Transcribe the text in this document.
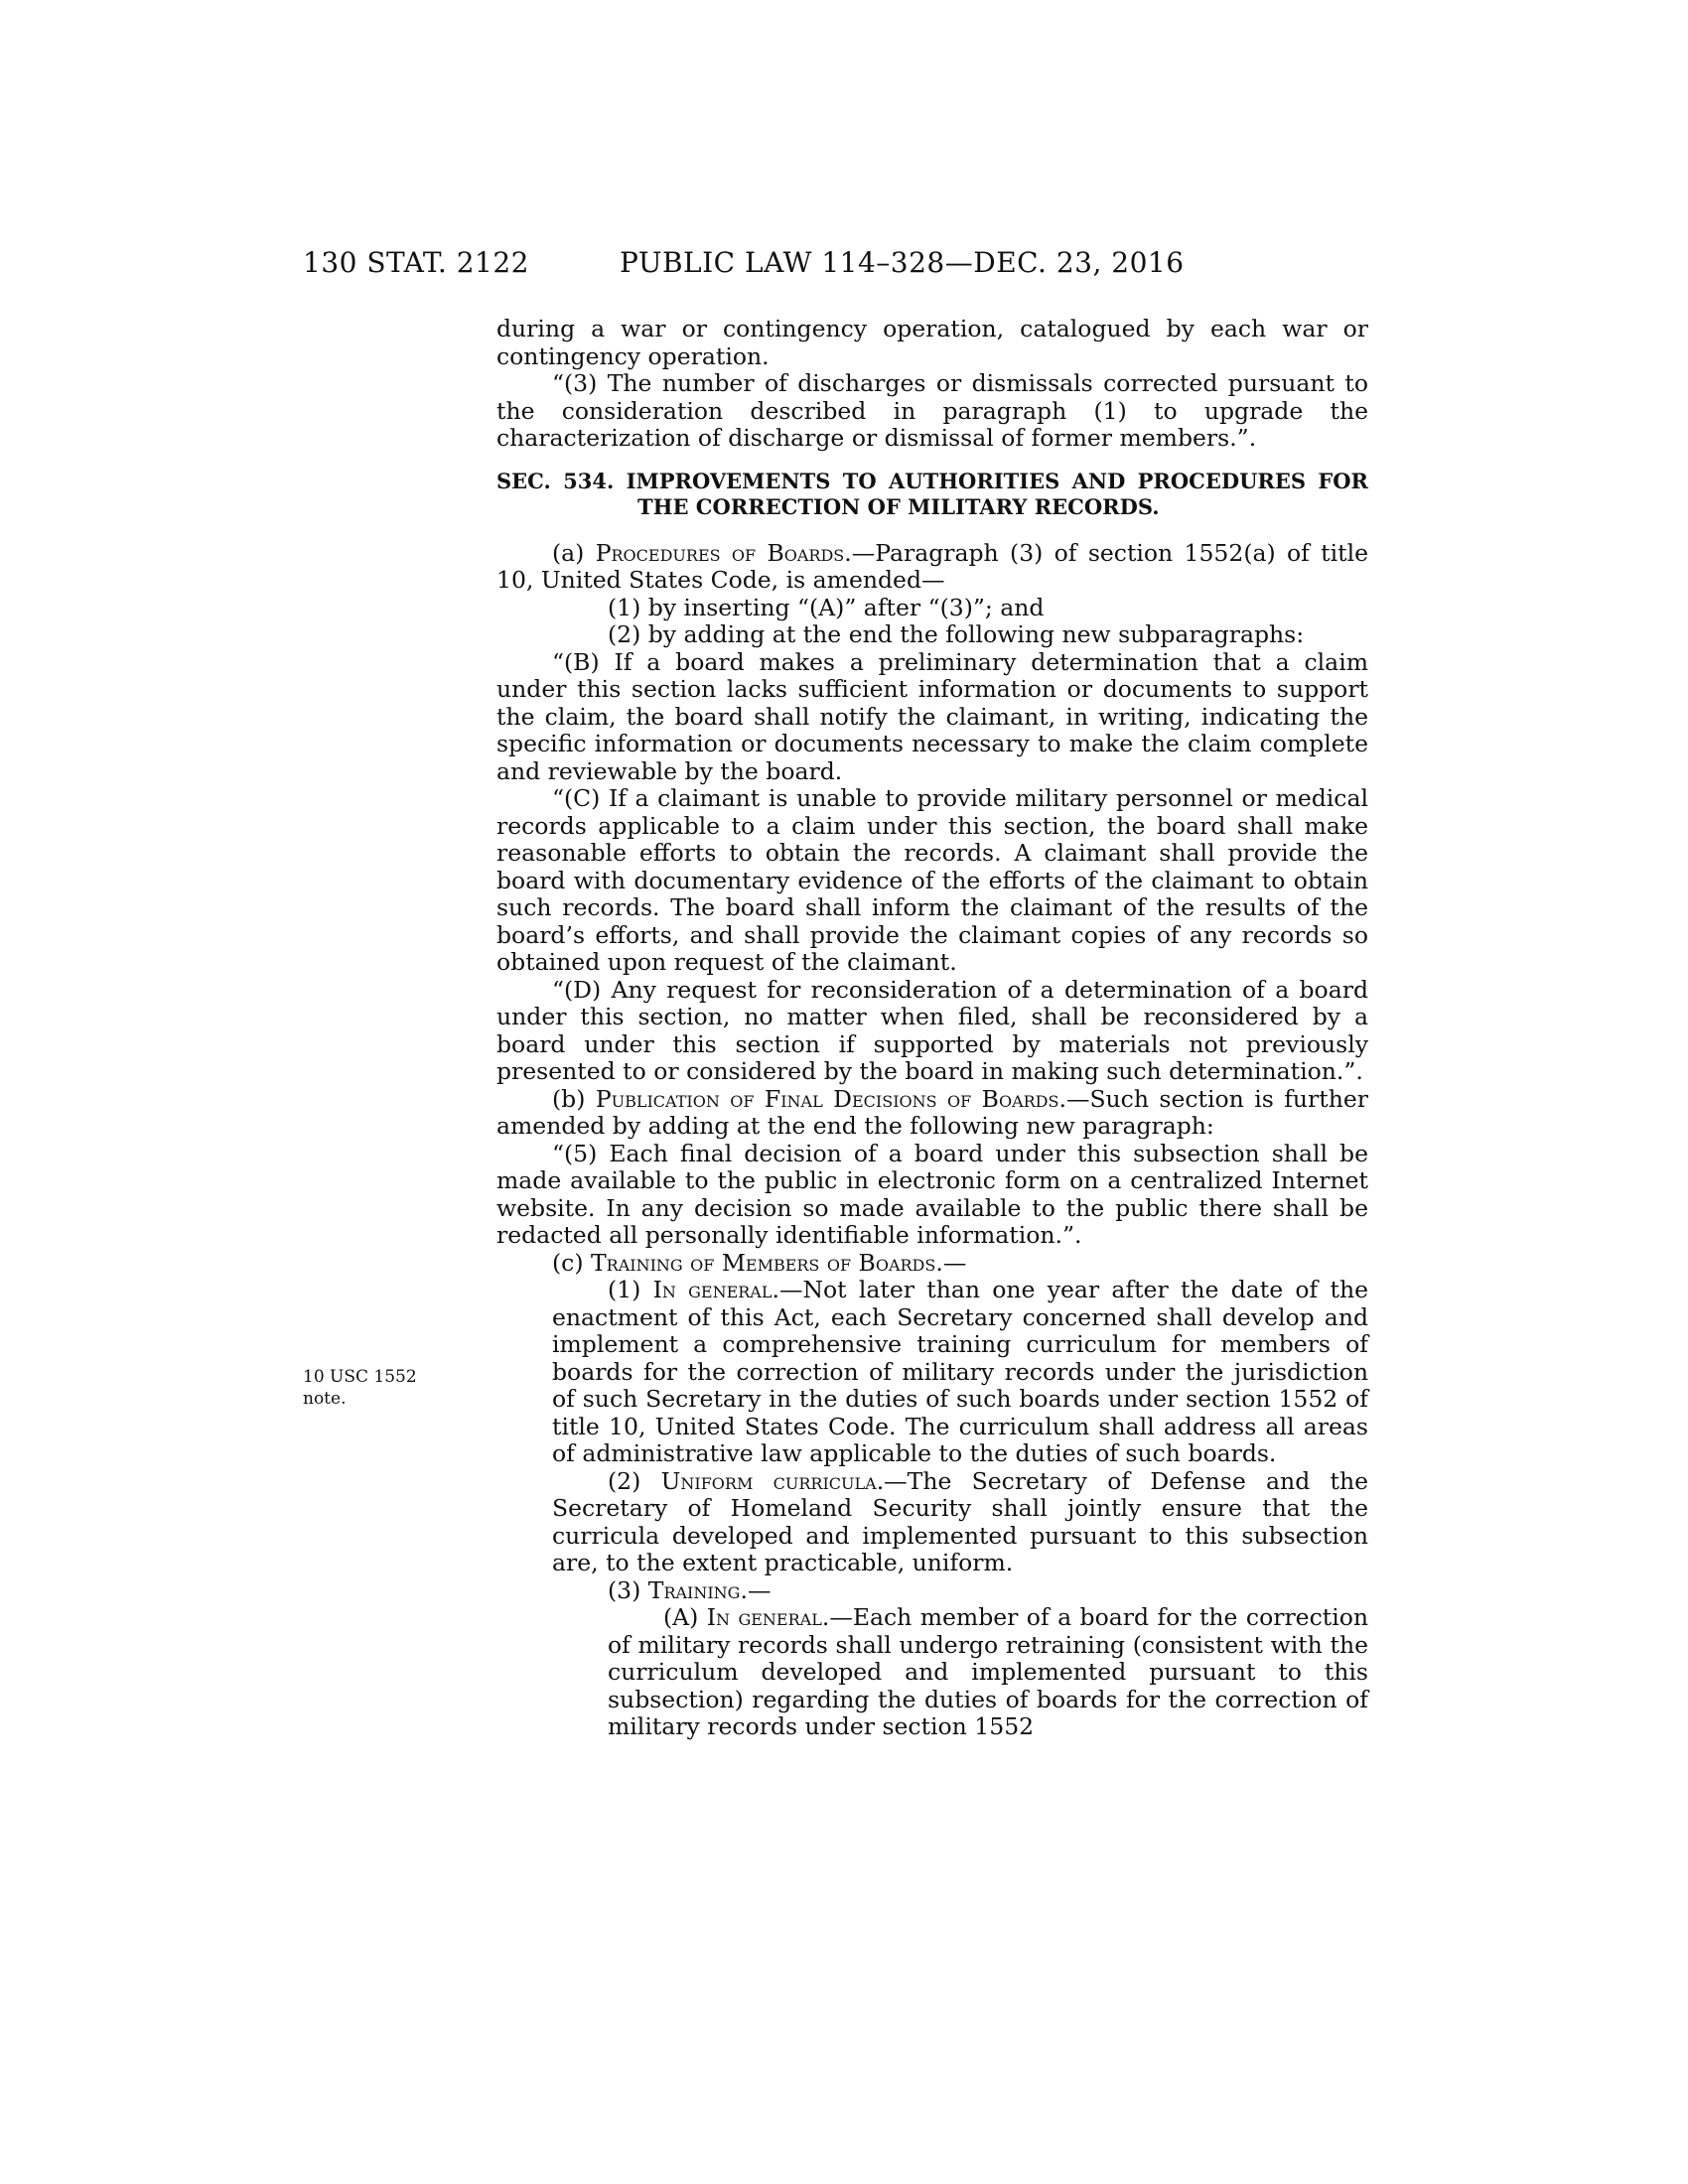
130 STAT. 2122	PUBLIC LAW 114–328—DEC. 23, 2016
10 USC 1552
note.

during a war or contingency operation, catalogued by each war or contingency operation.

“(3) The number of discharges or dismissals corrected pursuant to the consideration described in paragraph (1) to upgrade the characterization of discharge or dismissal of former members.”.

SEC. 534. IMPROVEMENTS TO AUTHORITIES AND PROCEDURES FOR THE CORRECTION OF MILITARY RECORDS.

(a) Procedures of Boards.—Paragraph (3) of section 1552(a) of title 10, United States Code, is amended—

(1) by inserting “(A)” after “(3)”; and

(2) by adding at the end the following new subparagraphs:

“(B) If a board makes a preliminary determination that a claim under this section lacks sufficient information or documents to support the claim, the board shall notify the claimant, in writing, indicating the specific information or documents necessary to make the claim complete and reviewable by the board.

“(C) If a claimant is unable to provide military personnel or medical records applicable to a claim under this section, the board shall make reasonable efforts to obtain the records. A claimant shall provide the board with documentary evidence of the efforts of the claimant to obtain such records. The board shall inform the claimant of the results of the board’s efforts, and shall provide the claimant copies of any records so obtained upon request of the claimant.

“(D) Any request for reconsideration of a determination of a board under this section, no matter when filed, shall be reconsidered by a board under this section if supported by materials not previously presented to or considered by the board in making such determination.”.

(b) Publication of Final Decisions of Boards.—Such section is further amended by adding at the end the following new paragraph:

“(5) Each final decision of a board under this subsection shall be made available to the public in electronic form on a centralized Internet website. In any decision so made available to the public there shall be redacted all personally identifiable information.”.

(c) Training of Members of Boards.—

(1) In general.—Not later than one year after the date of the enactment of this Act, each Secretary concerned shall develop and implement a comprehensive training curriculum for members of boards for the correction of military records under the jurisdiction of such Secretary in the duties of such boards under section 1552 of title 10, United States Code. The curriculum shall address all areas of administrative law applicable to the duties of such boards.

(2) Uniform curricula.—The Secretary of Defense and the Secretary of Homeland Security shall jointly ensure that the curricula developed and implemented pursuant to this subsection are, to the extent practicable, uniform.

(3) Training.—

(A) In general.—Each member of a board for the correction of military records shall undergo retraining (consistent with the curriculum developed and implemented pursuant to this subsection) regarding the duties of boards for the correction of military records under section 1552
